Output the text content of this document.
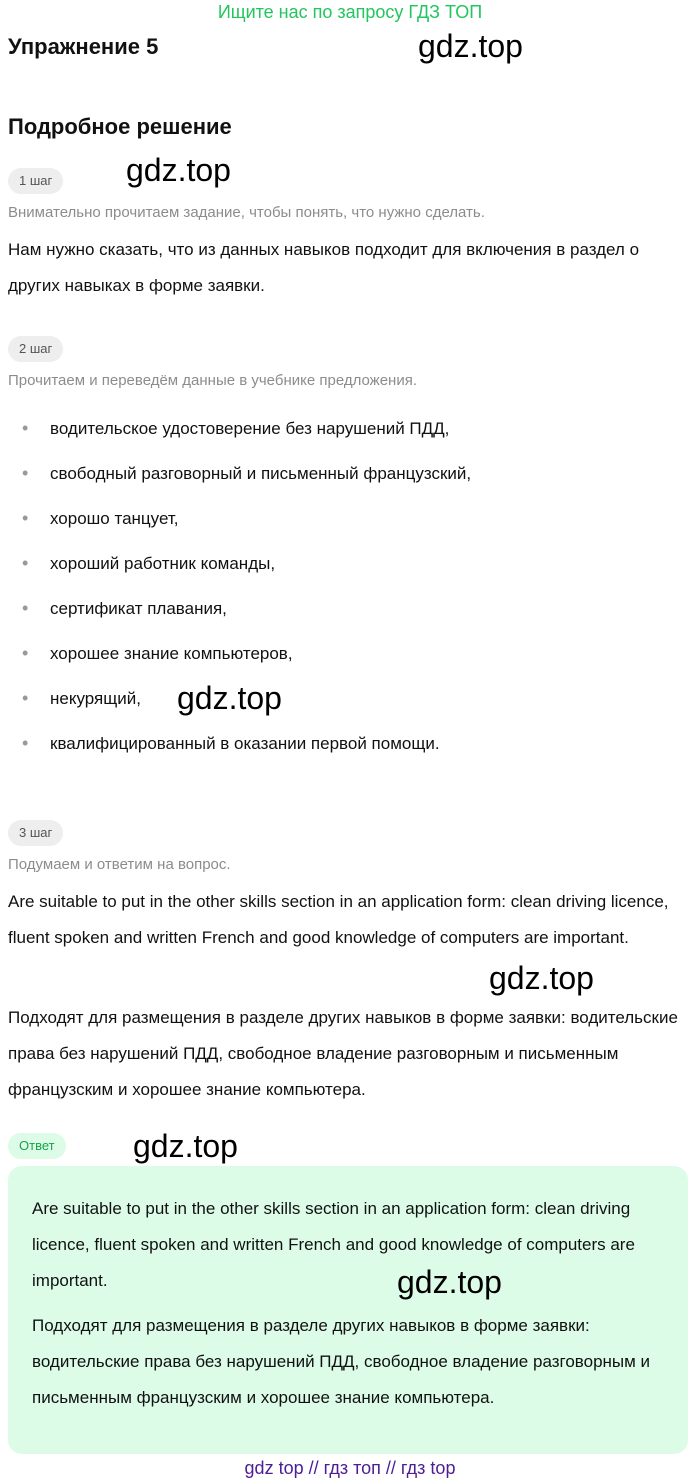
Ищите нас по запросу ГДЗ ТОП
Упражнение 5	gdz.top
Подробное решение
1 шаг	gdz.top
Внимательно прочитаем задание, чтобы понять, что нужно сделать.
Нам нужно сказать, что из данных навыков подходит для включения в раздел о других навыках в форме заявки.
2 шаг
Прочитаем и переведём данные в учебнике предложения.
• водительское удостоверение без нарушений ПДД,
• свободный разговорный и письменный французский,
• хорошо танцует,
• хороший работник команды,
• сертификат плавания,
• хорошее знание компьютеров,
• некурящий,
• квалифицированный в оказании первой помощи.
gdz.top
3 шаг
Подумаем и ответим на вопрос.
Are suitable to put in the other skills section in an application form: clean driving licence, fluent spoken and written French and good knowledge of computers are important.
gdz.top
Подходят для размещения в разделе других навыков в форме заявки: водительские права без нарушений ПДД, свободное владение разговорным и письменным французским и хорошее знание компьютера.
Ответ	gdz.top
Are suitable to put in the other skills section in an application form: clean driving licence, fluent spoken and written French and good knowledge of computers are important.	gdz.top
Подходят для размещения в разделе других навыков в форме заявки: водительские права без нарушений ПДД, свободное владение разговорным и письменным французским и хорошее знание компьютера.
gdz top // гдз топ // гдз top
